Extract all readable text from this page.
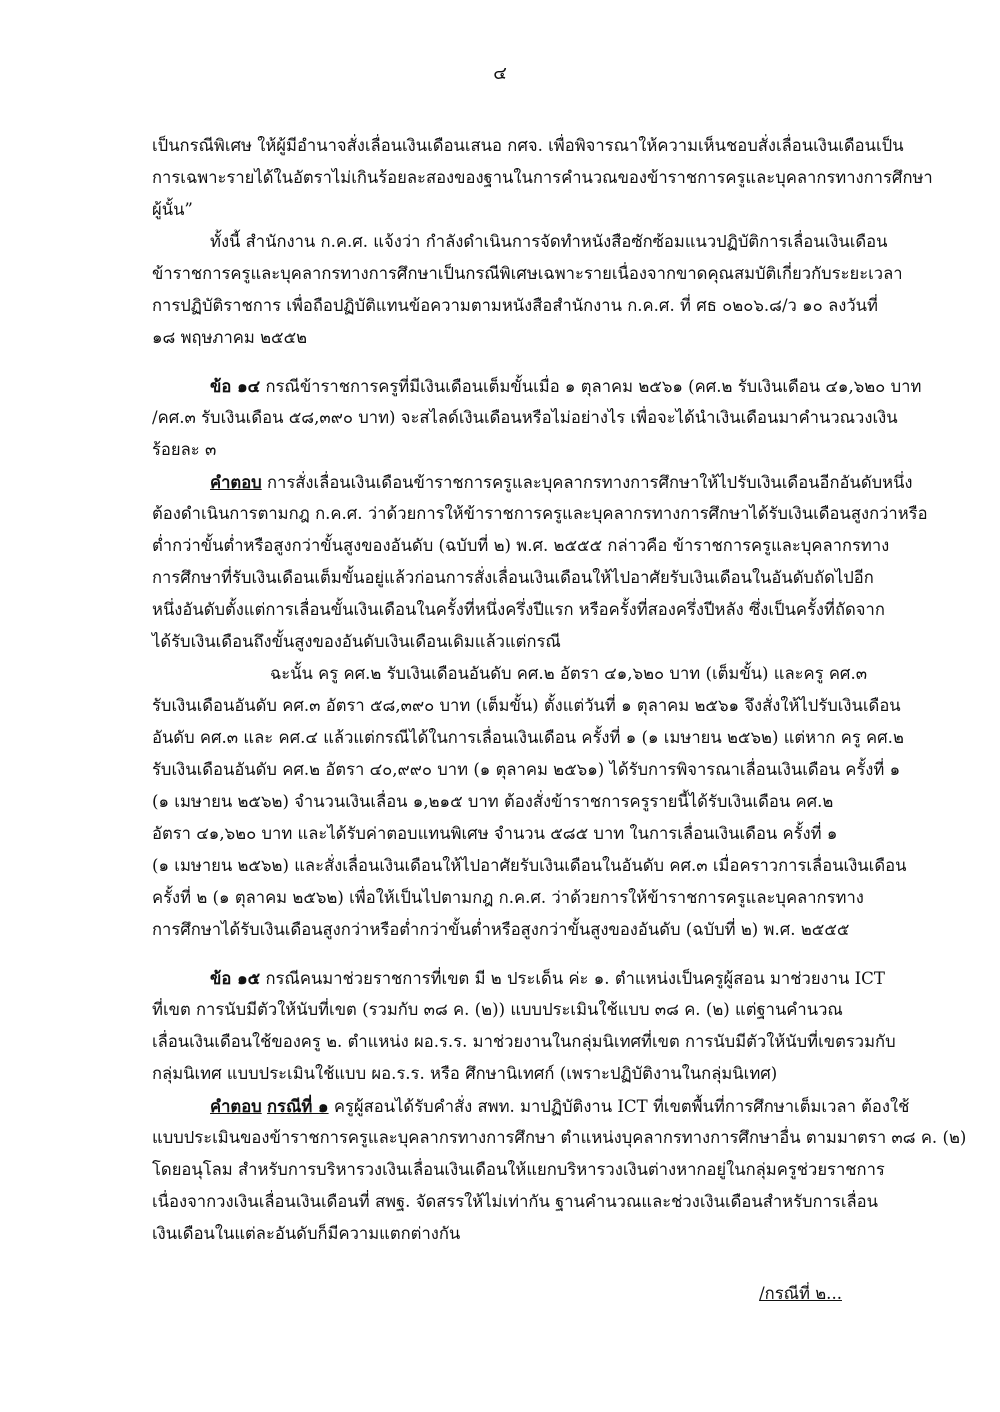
๔
เป็นกรณีพิเศษ ให้ผู้มีอำนาจสั่งเลื่อนเงินเดือนเสนอ กศจ. เพื่อพิจารณาให้ความเห็นชอบสั่งเลื่อนเงินเดือนเป็น
การเฉพาะรายได้ในอัตราไม่เกินร้อยละสองของฐานในการคำนวณของข้าราชการครูและบุคลากรทางการศึกษา
ผู้นั้น”
ทั้งนี้ สำนักงาน ก.ค.ศ. แจ้งว่า กำลังดำเนินการจัดทำหนังสือซักซ้อมแนวปฏิบัติการเลื่อนเงินเดือน
ข้าราชการครูและบุคลากรทางการศึกษาเป็นกรณีพิเศษเฉพาะรายเนื่องจากขาดคุณสมบัติเกี่ยวกับระยะเวลา
การปฏิบัติราชการ เพื่อถือปฏิบัติแทนข้อความตามหนังสือสำนักงาน ก.ค.ศ. ที่ ศธ ๐๒๐๖.๘/ว ๑๐ ลงวันที่
๑๘ พฤษภาคม ๒๕๕๒
ข้อ ๑๔ กรณีข้าราชการครูที่มีเงินเดือนเต็มขั้นเมื่อ ๑ ตุลาคม ๒๕๖๑ (คศ.๒ รับเงินเดือน ๔๑,๖๒๐ บาท
/คศ.๓ รับเงินเดือน ๕๘,๓๙๐ บาท) จะสไลด์เงินเดือนหรือไม่อย่างไร เพื่อจะได้นำเงินเดือนมาคำนวณวงเงิน
ร้อยละ ๓
คำตอบ การสั่งเลื่อนเงินเดือนข้าราชการครูและบุคลากรทางการศึกษาให้ไปรับเงินเดือนอีกอันดับหนึ่ง
ต้องดำเนินการตามกฎ ก.ค.ศ. ว่าด้วยการให้ข้าราชการครูและบุคลากรทางการศึกษาได้รับเงินเดือนสูงกว่าหรือ
ต่ำกว่าขั้นต่ำหรือสูงกว่าขั้นสูงของอันดับ (ฉบับที่ ๒) พ.ศ. ๒๕๕๕ กล่าวคือ ข้าราชการครูและบุคลากรทาง
การศึกษาที่รับเงินเดือนเต็มขั้นอยู่แล้วก่อนการสั่งเลื่อนเงินเดือนให้ไปอาศัยรับเงินเดือนในอันดับถัดไปอีก
หนึ่งอันดับตั้งแต่การเลื่อนขั้นเงินเดือนในครั้งที่หนึ่งครึ่งปีแรก หรือครั้งที่สองครึ่งปีหลัง ซึ่งเป็นครั้งที่ถัดจาก
ได้รับเงินเดือนถึงขั้นสูงของอันดับเงินเดือนเดิมแล้วแต่กรณี
ฉะนั้น ครู คศ.๒ รับเงินเดือนอันดับ คศ.๒ อัตรา ๔๑,๖๒๐ บาท (เต็มขั้น) และครู คศ.๓
รับเงินเดือนอันดับ คศ.๓ อัตรา ๕๘,๓๙๐ บาท (เต็มขั้น) ตั้งแต่วันที่ ๑ ตุลาคม ๒๕๖๑ จึงสั่งให้ไปรับเงินเดือน
อันดับ คศ.๓ และ คศ.๔ แล้วแต่กรณีได้ในการเลื่อนเงินเดือน ครั้งที่ ๑ (๑ เมษายน ๒๕๖๒) แต่หาก ครู คศ.๒
รับเงินเดือนอันดับ คศ.๒ อัตรา ๔๐,๙๙๐ บาท (๑ ตุลาคม ๒๕๖๑) ได้รับการพิจารณาเลื่อนเงินเดือน ครั้งที่ ๑
(๑ เมษายน ๒๕๖๒) จำนวนเงินเลื่อน ๑,๒๑๕ บาท ต้องสั่งข้าราชการครูรายนี้ได้รับเงินเดือน คศ.๒
อัตรา ๔๑,๖๒๐ บาท และได้รับค่าตอบแทนพิเศษ จำนวน ๕๘๕ บาท ในการเลื่อนเงินเดือน ครั้งที่ ๑
(๑ เมษายน ๒๕๖๒) และสั่งเลื่อนเงินเดือนให้ไปอาศัยรับเงินเดือนในอันดับ คศ.๓ เมื่อคราวการเลื่อนเงินเดือน
ครั้งที่ ๒ (๑ ตุลาคม ๒๕๖๒) เพื่อให้เป็นไปตามกฎ ก.ค.ศ. ว่าด้วยการให้ข้าราชการครูและบุคลากรทาง
การศึกษาได้รับเงินเดือนสูงกว่าหรือต่ำกว่าขั้นต่ำหรือสูงกว่าขั้นสูงของอันดับ (ฉบับที่ ๒) พ.ศ. ๒๕๕๕
ข้อ ๑๕ กรณีคนมาช่วยราชการที่เขต มี ๒ ประเด็น ค่ะ ๑. ตำแหน่งเป็นครูผู้สอน มาช่วยงาน ICT
ที่เขต การนับมีตัวให้นับที่เขต (รวมกับ ๓๘ ค. (๒)) แบบประเมินใช้แบบ ๓๘ ค. (๒) แต่ฐานคำนวณ
เลื่อนเงินเดือนใช้ของครู ๒. ตำแหน่ง ผอ.ร.ร. มาช่วยงานในกลุ่มนิเทศที่เขต การนับมีตัวให้นับที่เขตรวมกับ
กลุ่มนิเทศ แบบประเมินใช้แบบ ผอ.ร.ร. หรือ ศึกษานิเทศก์ (เพราะปฏิบัติงานในกลุ่มนิเทศ)
คำตอบ กรณีที่ ๑ ครูผู้สอนได้รับคำสั่ง สพท. มาปฏิบัติงาน ICT ที่เขตพื้นที่การศึกษาเต็มเวลา ต้องใช้
แบบประเมินของข้าราชการครูและบุคลากรทางการศึกษา ตำแหน่งบุคลากรทางการศึกษาอื่น ตามมาตรา ๓๘ ค. (๒)
โดยอนุโลม สำหรับการบริหารวงเงินเลื่อนเงินเดือนให้แยกบริหารวงเงินต่างหากอยู่ในกลุ่มครูช่วยราชการ
เนื่องจากวงเงินเลื่อนเงินเดือนที่ สพฐ. จัดสรรให้ไม่เท่ากัน ฐานคำนวณและช่วงเงินเดือนสำหรับการเลื่อน
เงินเดือนในแต่ละอันดับก็มีความแตกต่างกัน
/กรณีที่ ๒...
